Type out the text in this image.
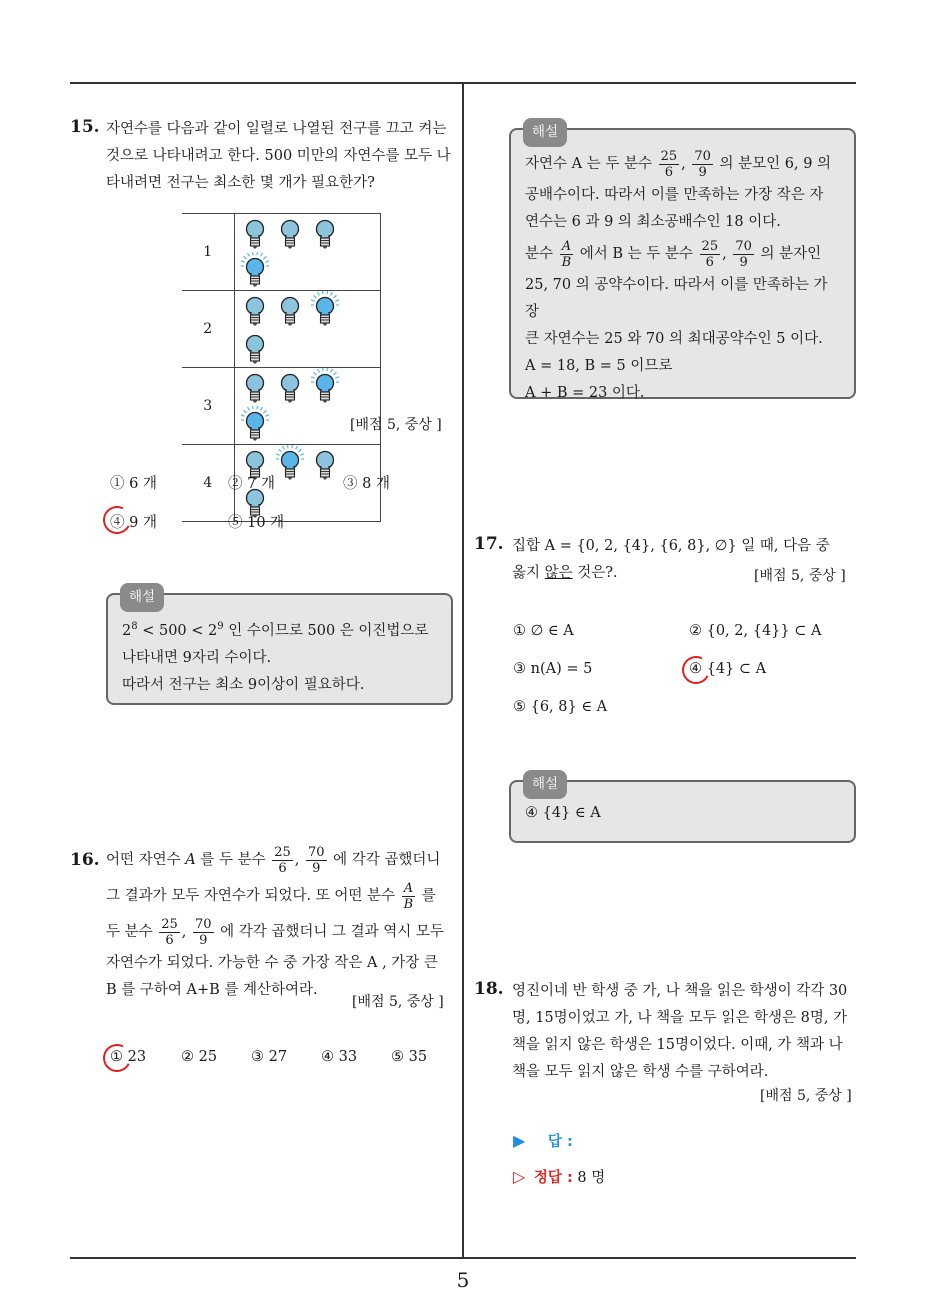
15. 자연수를 다음과 같이 일렬로 나열된 전구를 끄고 켜는 것으로 나타내려고 한다. 500 미만의 자연수를 모두 나타내려면 전구는 최소한 몇 개가 필요한가?
1	
2	
3	
4	
[배점 5, 중상 ]
① 6 개	② 7 개	③ 8 개
④ 9 개	⑤ 10 개
해설
$2^8 < 500 < 2^9$ 인 수이므로 500 은 이진법으로
나타내면 9자리 수이다.
따라서 전구는 최소 9이상이 필요하다.
16. 어떤 자연수 A 를 두 분수 $\frac{25}{6}$ , $\frac{70}{9}$ 에 각각 곱했더니
그 결과가 모두 자연수가 되었다. 또 어떤 분수 $\frac{A}{B}$ 를
두 분수 $\frac{25}{6}$ , $\frac{70}{9}$ 에 각각 곱했더니 그 결과 역시 모두
자연수가 되었다. 가능한 수 중 가장 작은 A , 가장 큰
B 를 구하여 A+B 를 계산하여라.
[배점 5, 중상 ]
① 23 ② 25 ③ 27 ④ 33 ⑤ 35
해설
자연수 A 는 두 분수 $\frac{25}{6}$ , $\frac{70}{9}$ 의 분모인 6, 9 의
공배수이다. 따라서 이를 만족하는 가장 작은 자
연수는 6 과 9 의 최소공배수인 18 이다.
분수 $\frac{A}{B}$ 에서 B 는 두 분수 $\frac{25}{6}$ , $\frac{70}{9}$ 의 분자인
25, 70 의 공약수이다. 따라서 이를 만족하는 가장
큰 자연수는 25 와 70 의 최대공약수인 5 이다.
A = 18, B = 5 이므로
A + B = 23 이다.
17. 집합 A = {0, 2, {4}, {6, 8}, ∅} 일 때, 다음 중
옳지 않은 것은?.	[배점 5, 중상 ]
① ∅ ∈ A	② {0, 2, {4}} ⊂ A
③ n(A) = 5	④ {4} ⊂ A
⑤ {6, 8} ∈ A
해설
④ {4} ∈ A
18. 영진이네 반 학생 중 가, 나 책을 읽은 학생이 각각 30
명, 15명이었고 가, 나 책을 모두 읽은 학생은 8명, 가
책을 읽지 않은 학생은 15명이었다. 이때, 가 책과 나
책을 모두 읽지 않은 학생 수를 구하여라.
[배점 5, 중상 ]
▶ 답 :
▷ 정답 : 8 명
5
